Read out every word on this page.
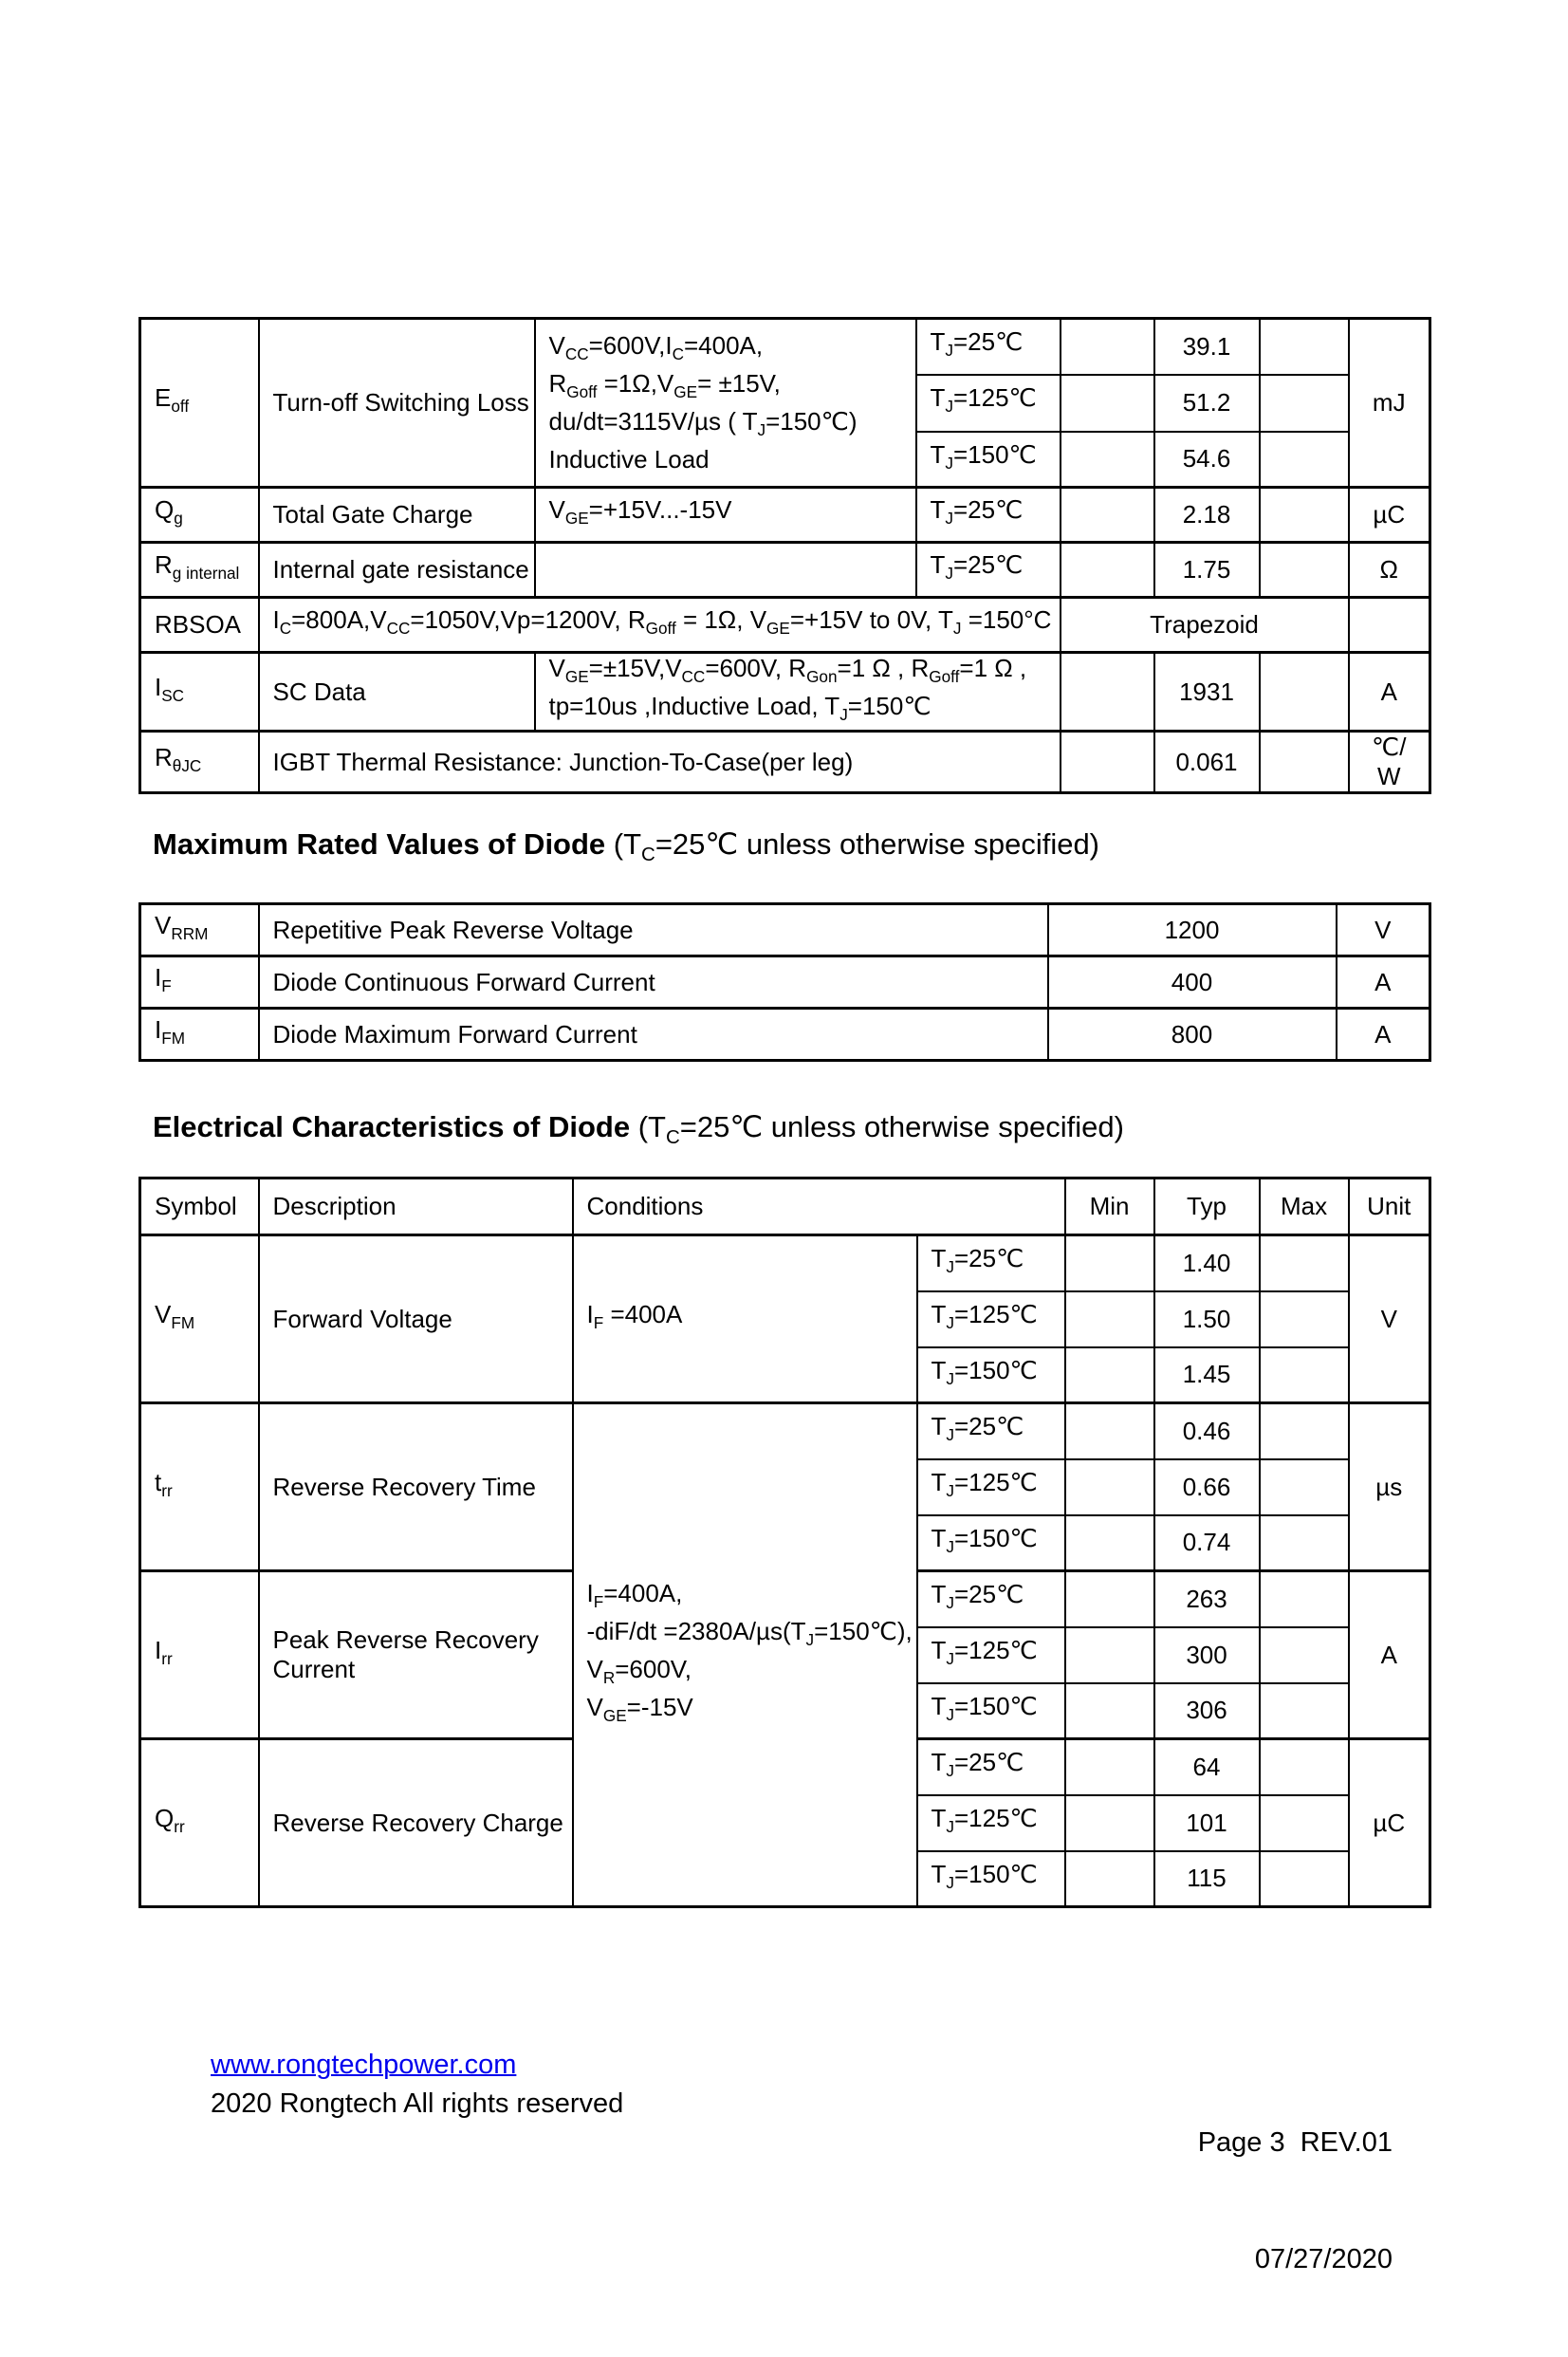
$E_{off}$	Turn-off Switching Loss	$V_{CC}=600V,I_C=400A$,
$R_{Goff} =1\Omega,V_{GE}= \pm 15V$,
du/dt=3115V/µs ( $T_J=150℃$)
Inductive Load	$T_J=25℃$		39.1		mJ
			$T_J=125℃$		51.2		
			$T_J=150℃$		54.6		
$Q_g$	Total Gate Charge	$V_{GE}=+15V...-15V$	$T_J=25℃$		2.18		µC
$R_{g internal}$	Internal gate resistance		$T_J=25℃$		1.75		Ω
RBSOA	$I_C=800A,V_{CC}=1050V,Vp=1200V$, $R_{Goff} = 1\Omega$, $V_{GE}=+15V$ to 0V, $T_J =150^\circ C$			Trapezoid			
$I_{SC}$	SC Data	$V_{GE}=\pm 15V,V_{CC}=600V$, $R_{Gon}=1$ Ω , $R_{Goff}=1$ Ω ,
tp=10us ,Inductive Load, $T_J=150℃$			1931		A
$R_{\theta JC}$	IGBT Thermal Resistance: Junction-To-Case(per leg)				0.061		℃/
W
Maximum Rated Values of Diode ($T_C=25℃$ unless otherwise specified)
$V_{RRM}$	Repetitive Peak Reverse Voltage	1200	V
$I_F$	Diode Continuous Forward Current	400	A
$I_{FM}$	Diode Maximum Forward Current	800	A
Electrical Characteristics of Diode ($T_C=25℃$ unless otherwise specified)
Symbol	Description	Conditions		Min	Typ	Max	Unit
$V_{FM}$	Forward Voltage	$I_F =400A$	$T_J=25℃$		1.40		V
			$T_J=125℃$		1.50		
			$T_J=150℃$		1.45		
$t_{rr}$	Reverse Recovery Time	$I_F=400A$,
$-diF/dt =2380A/\mu s(T_J=150℃)$,
$V_R=600V$,
$V_{GE}=-15V$	$T_J=25℃$		0.46		µs
			$T_J=125℃$		0.66		
			$T_J=150℃$		0.74		
$I_{rr}$	Peak Reverse Recovery Current		$T_J=25℃$		263		A
			$T_J=125℃$		300		
			$T_J=150℃$		306		
$Q_{rr}$	Reverse Recovery Charge		$T_J=25℃$		64		µC
			$T_J=125℃$		101		
			$T_J=150℃$		115		
www.rongtechpower.com
2020 Rongtech All rights reserved

Page 3  REV.01

07/27/2020
